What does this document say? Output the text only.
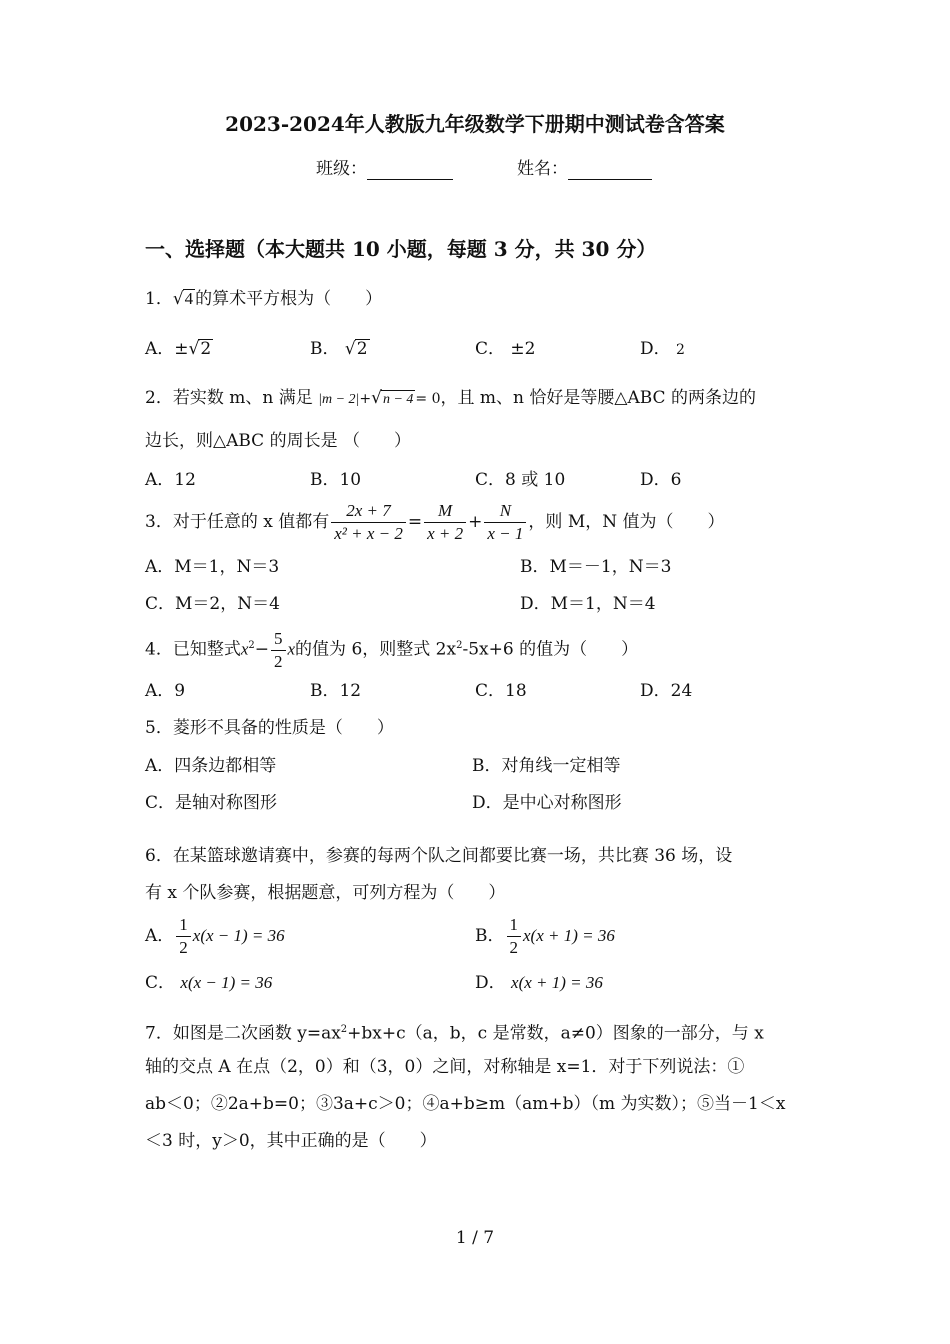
2023-2024年人教版九年级数学下册期中测试卷含答案
班级：	姓名：
一、选择题（本大题共 10 小题，每题 3 分，共 30 分）
1．√4 的算术平方根为（　　）
A．±√2	B． √2	C． ±2	D． 2
2．若实数 m、n 满足 |m − 2|+√n − 4 = 0，且 m、n 恰好是等腰△ABC 的两条边的
边长，则△ABC 的周长是 （　　）
A．12	B．10	C．8 或 10	D．6
3．对于任意的 x 值都有 $\frac{2x + 7}{\text{x² + x − 2}} = \frac{M}{x + 2} + \frac{N}{x - 1}$ ，则 M，N 值为（　　）
A．M＝1，N＝3	B．M＝－1，N＝3
C．M＝2，N＝4	D．M＝1，N＝4
4．已知整式$x^2- \frac{5}{2}$ x的值为 6，则整式 $2x^2-5x+6$ 的值为（　　）
A．9	B．12	C．18	D．24
5．菱形不具备的性质是（　　）
A．四条边都相等	B．对角线一定相等
C．是轴对称图形	D．是中心对称图形
6．在某篮球邀请赛中，参赛的每两个队之间都要比赛一场，共比赛 36 场，设
有 x 个队参赛，根据题意，可列方程为（　　）
A． $\frac{1}{2} x(x - 1) = 36$	B． $\frac{1}{2} x(x + 1) = 36$
C． x(x − 1) = 36	D． x(x + 1) = 36
7．如图是二次函数 $y=ax^2+bx+c(a$，b，c 是常数，a≠0）图象的一部分，与 x
轴的交点 A 在点（2，0）和（3，0）之间，对称轴是 x=1．对于下列说法：①
ab＜0；②2a+b=0；③3a+c＞0；④a+b≥m（am+b）（m 为实数）；⑤当－1＜x
＜3 时，y＞0，其中正确的是（　　）
1 / 7
